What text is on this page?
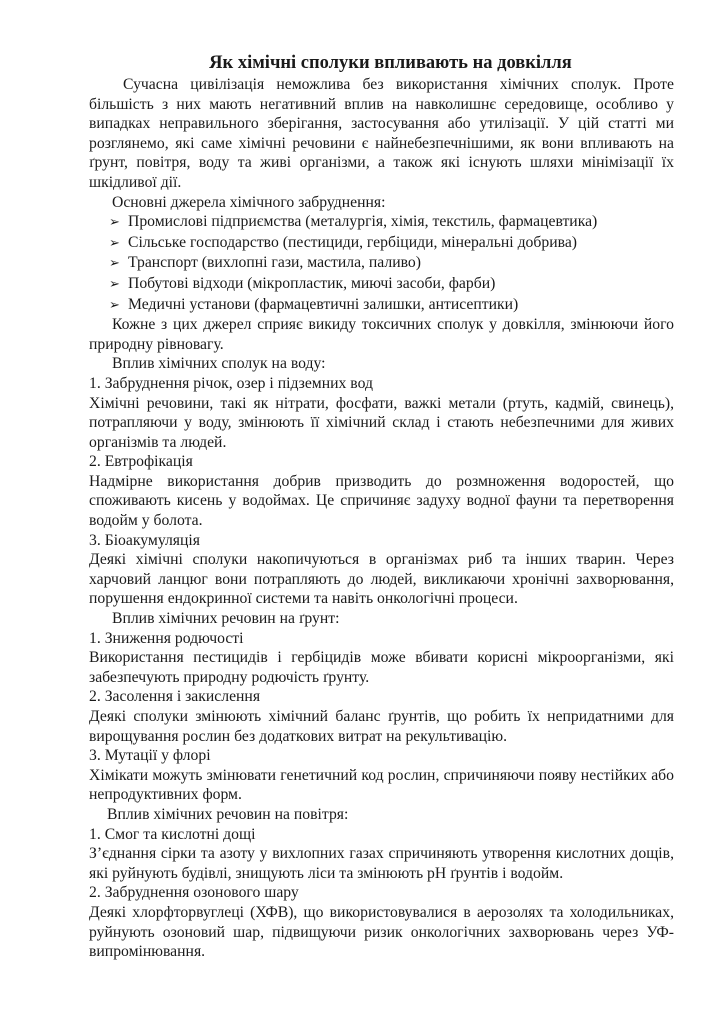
Як хімічні сполуки впливають на довкілля

Сучасна цивілізація неможлива без використання хімічних сполук. Проте більшість з них мають негативний вплив на навколишнє середовище, особливо у випадках неправильного зберігання, застосування або утилізації. У цій статті ми розглянемо, які саме хімічні речовини є найнебезпечнішими, як вони впливають на ґрунт, повітря, воду та живі організми, а також які існують шляхи мінімізації їх шкідливої дії.

Основні джерела хімічного забруднення:

➢ Промислові підприємства (металургія, хімія, текстиль, фармацевтика)
➢ Сільське господарство (пестициди, гербіциди, мінеральні добрива)
➢ Транспорт (вихлопні гази, мастила, паливо)
➢ Побутові відходи (мікропластик, миючі засоби, фарби)
➢ Медичні установи (фармацевтичні залишки, антисептики)

Кожне з цих джерел сприяє викиду токсичних сполук у довкілля, змінюючи його природну рівновагу.

Вплив хімічних сполук на воду:

1. Забруднення річок, озер і підземних вод

Хімічні речовини, такі як нітрати, фосфати, важкі метали (ртуть, кадмій, свинець), потрапляючи у воду, змінюють її хімічний склад і стають небезпечними для живих організмів та людей.

2. Евтрофікація

Надмірне використання добрив призводить до розмноження водоростей, що споживають кисень у водоймах. Це спричиняє задуху водної фауни та перетворення водойм у болота.

3. Біоакумуляція

Деякі хімічні сполуки накопичуються в організмах риб та інших тварин. Через харчовий ланцюг вони потрапляють до людей, викликаючи хронічні захворювання, порушення ендокринної системи та навіть онкологічні процеси.

Вплив хімічних речовин на ґрунт:

1. Зниження родючості

Використання пестицидів і гербіцидів може вбивати корисні мікроорганізми, які забезпечують природну родючість ґрунту.

2. Засолення і закислення

Деякі сполуки змінюють хімічний баланс ґрунтів, що робить їх непридатними для вирощування рослин без додаткових витрат на рекультивацію.

3. Мутації у флорі

Хімікати можуть змінювати генетичний код рослин, спричиняючи появу нестійких або непродуктивних форм.

Вплив хімічних речовин на повітря:

1. Смог та кислотні дощі

З’єднання сірки та азоту у вихлопних газах спричиняють утворення кислотних дощів, які руйнують будівлі, знищують ліси та змінюють pH ґрунтів і водойм.

2. Забруднення озонового шару

Деякі хлорфторвуглеці (ХФВ), що використовувалися в аерозолях та холодильниках, руйнують озоновий шар, підвищуючи ризик онкологічних захворювань через УФ-випромінювання.
